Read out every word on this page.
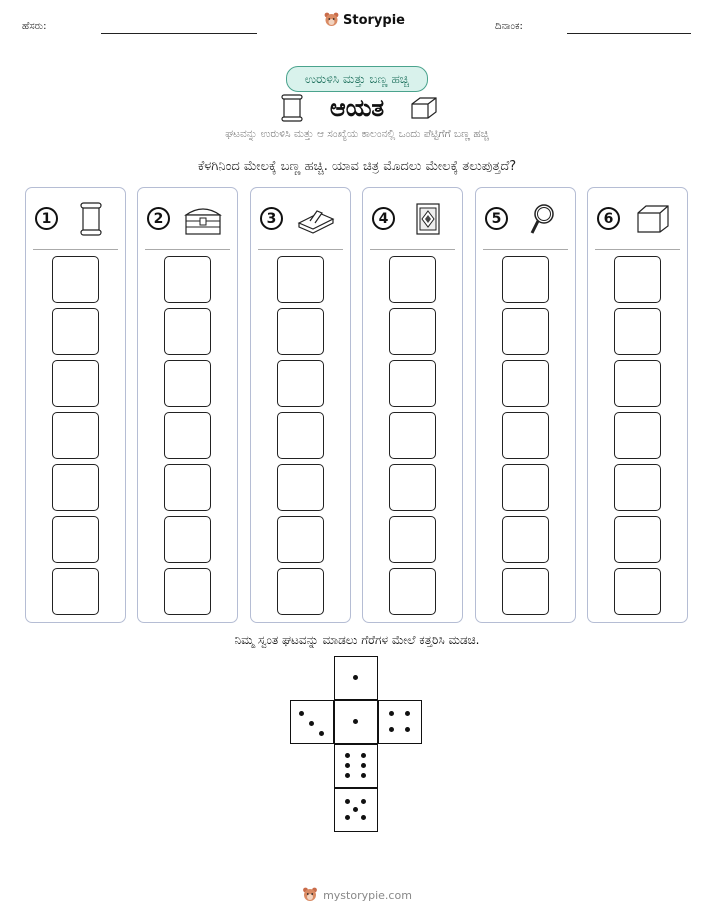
ಹೆಸರು:	Storypie	ದಿನಾಂಕ:
ಉರುಳಿಸಿ ಮತ್ತು ಬಣ್ಣ ಹಚ್ಚಿ
ಆಯತ
ಘಟವನ್ನು ಉರುಳಿಸಿ ಮತ್ತು ಆ ಸಂಖ್ಯೆಯ ಕಾಲಂನಲ್ಲಿ ಒಂದು ಪೆಟ್ಟಿಗೆಗೆ ಬಣ್ಣ ಹಚ್ಚಿ
ಕೆಳಗಿನಿಂದ ಮೇಲಕ್ಕೆ ಬಣ್ಣ ಹಚ್ಚಿ. ಯಾವ ಚಿತ್ರ ಮೊದಲು ಮೇಲಕ್ಕೆ ತಲುಪುತ್ತದೆ?
1	2	3	4	5	6
ನಿಮ್ಮ ಸ್ವಂತ ಘಟವನ್ನು ಮಾಡಲು ಗೆರೆಗಳ ಮೇಲೆ ಕತ್ತರಿಸಿ ಮಡಚಿ.
mystorypie.com
